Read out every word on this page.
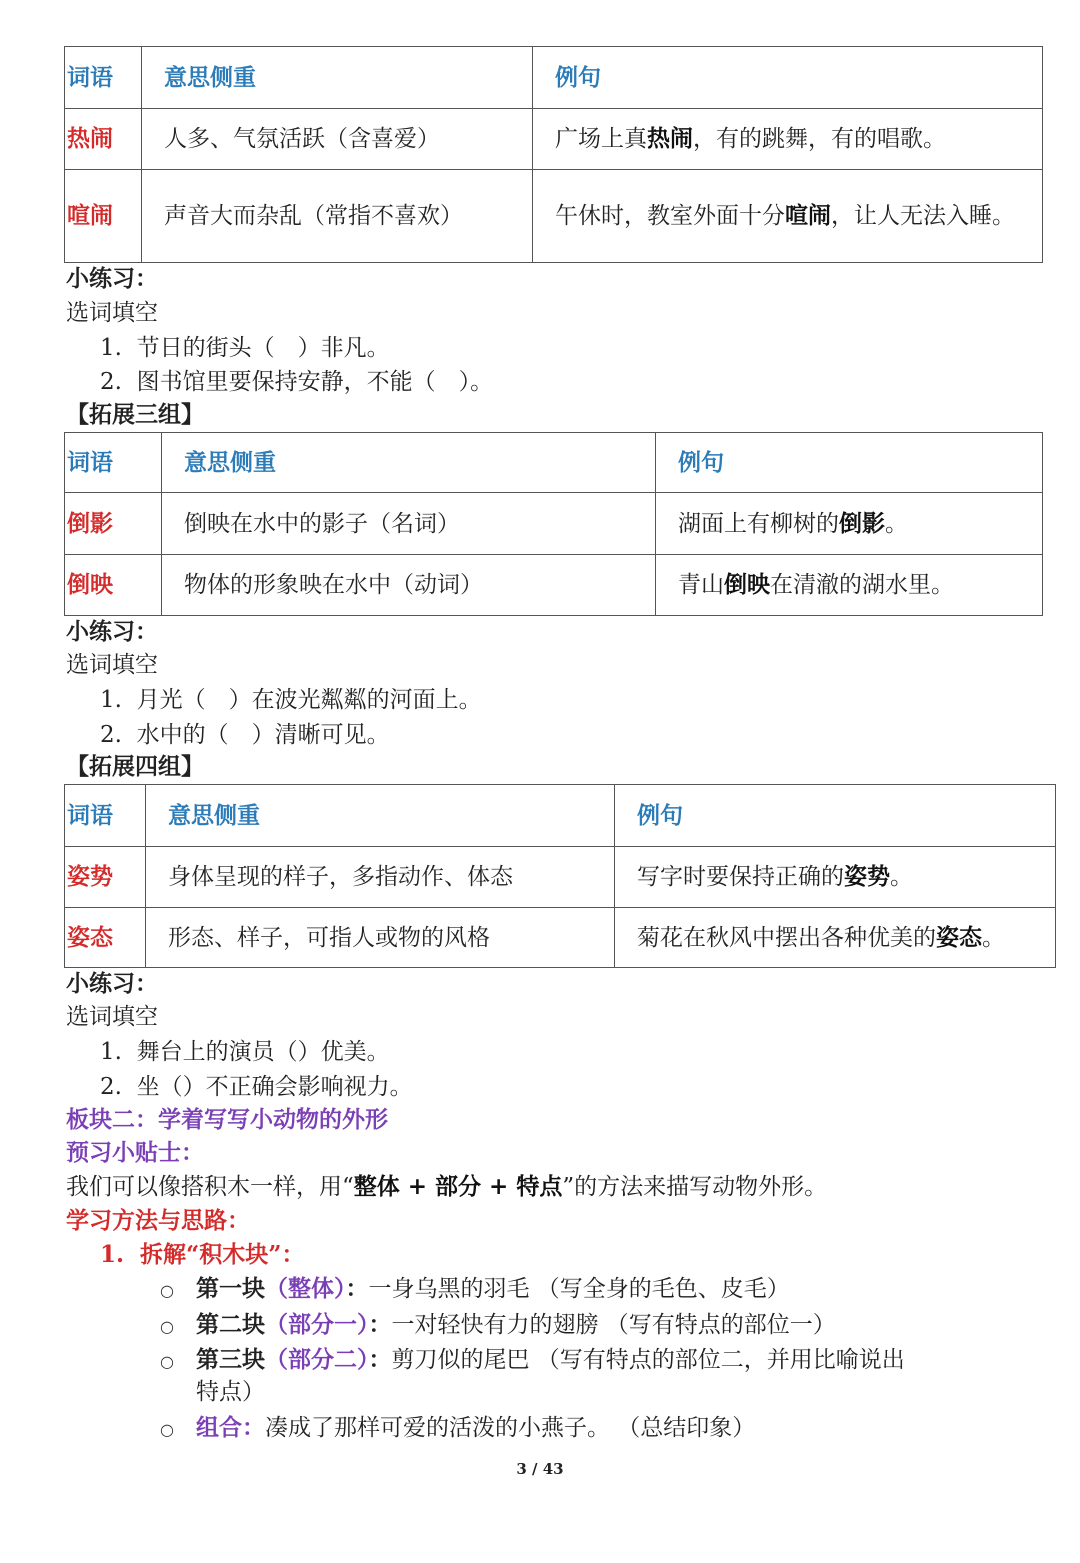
词语	意思侧重	例句
热闹	人多、气氛活跃（含喜爱）	广场上真热闹，有的跳舞，有的唱歌。
喧闹	声音大而杂乱（常指不喜欢）	午休时，教室外面十分喧闹，让人无法入睡。
小练习：
选词填空
1.  节日的街头（　）非凡。
2.  图书馆里要保持安静，不能（　）。
【拓展三组】
词语	意思侧重	例句
倒影	倒映在水中的影子（名词）	湖面上有柳树的倒影。
倒映	物体的形象映在水中（动词）	青山倒映在清澈的湖水里。
小练习：
选词填空
1.  月光（　）在波光粼粼的河面上。
2.  水中的（　）清晰可见。
【拓展四组】
词语	意思侧重	例句
姿势	身体呈现的样子，多指动作、体态	写字时要保持正确的姿势。
姿态	形态、样子，可指人或物的风格	菊花在秋风中摆出各种优美的姿态。
小练习：
选词填空
1.  舞台上的演员（）优美。
2.  坐（）不正确会影响视力。
板块二：学着写写小动物的外形
预习小贴士：
我们可以像搭积木一样，用“整体 + 部分 + 特点”的方法来描写动物外形。
学习方法与思路：
1.  拆解“积木块”：
○ 第一块（整体）：一身乌黑的羽毛 （写全身的毛色、皮毛）
○ 第二块（部分一）：一对轻快有力的翅膀 （写有特点的部位一）
○ 第三块（部分二）：剪刀似的尾巴 （写有特点的部位二，并用比喻说出
特点）
○ 组合：凑成了那样可爱的活泼的小燕子。 （总结印象）
3 / 43
